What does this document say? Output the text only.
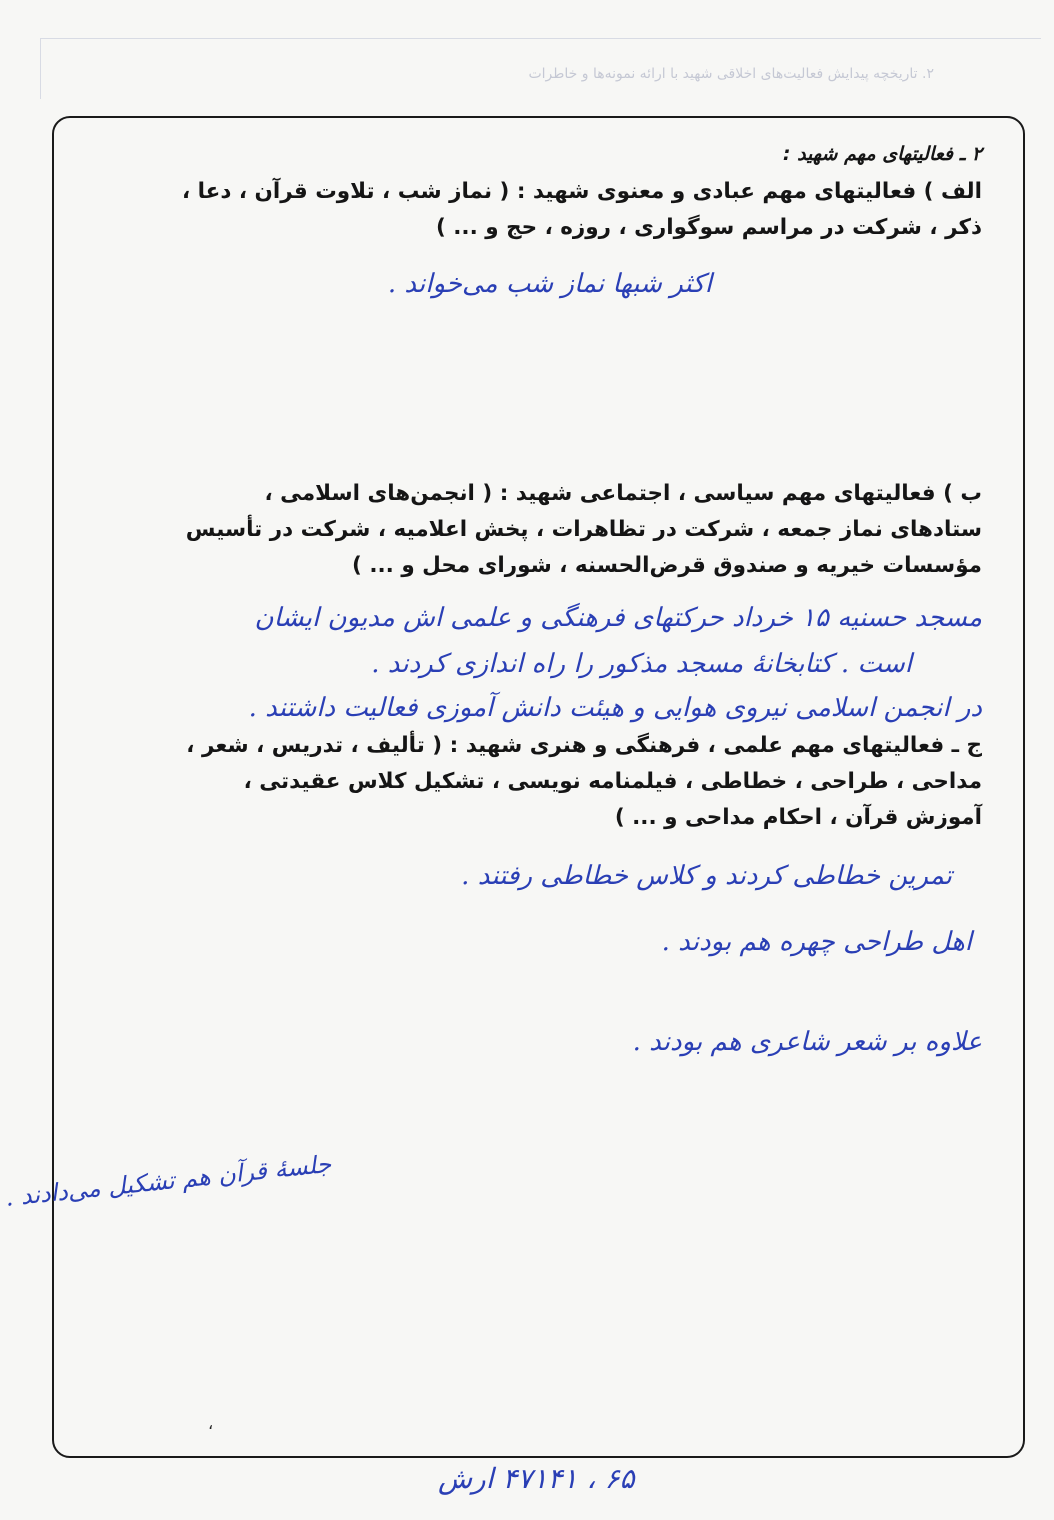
۲. تاریخچه پیدایش فعالیت‌های اخلاقی شهید با ارائه نمونه‌ها و خاطرات

۲ ـ فعالیتهای مهم شهید :

الف ) فعالیتهای مهم عبادی و معنوی شهید : ( نماز شب ، تلاوت قرآن ، دعا ،

ذکر ، شرکت در مراسم سوگواری ، روزه ، حج و ... )

اکثر شبها نماز شب می‌خواند .

ب ) فعالیتهای مهم سیاسی ، اجتماعی شهید : ( انجمن‌های اسلامی ،

ستادهای نماز جمعه ، شرکت در تظاهرات ، پخش اعلامیه ، شرکت در تأسیس

مؤسسات خیریه و صندوق قرض‌الحسنه ، شورای محل و ... )

مسجد حسنیه ۱۵ خرداد حرکتهای فرهنگی و علمی اش مدیون ایشان

است . کتابخانهٔ مسجد مذکور را راه اندازی کردند .

در انجمن اسلامی نیروی هوایی و هیئت دانش آموزی فعالیت داشتند .

ج ـ فعالیتهای مهم علمی ، فرهنگی و هنری شهید : ( تألیف ، تدریس ، شعر ،

مداحی ، طراحی ، خطاطی ، فیلمنامه نویسی ، تشکیل کلاس عقیدتی ،

آموزش قرآن ، احکام مداحی و ... )

تمرین خطاطی کردند و کلاس خطاطی رفتند .

اهل طراحی چهره هم بودند .

علاوه بر شعر شاعری هم بودند .

جلسهٔ قرآن هم تشکیل می‌دادند .
،
۶۵ ، ۴۷۱۴۱ ارش
